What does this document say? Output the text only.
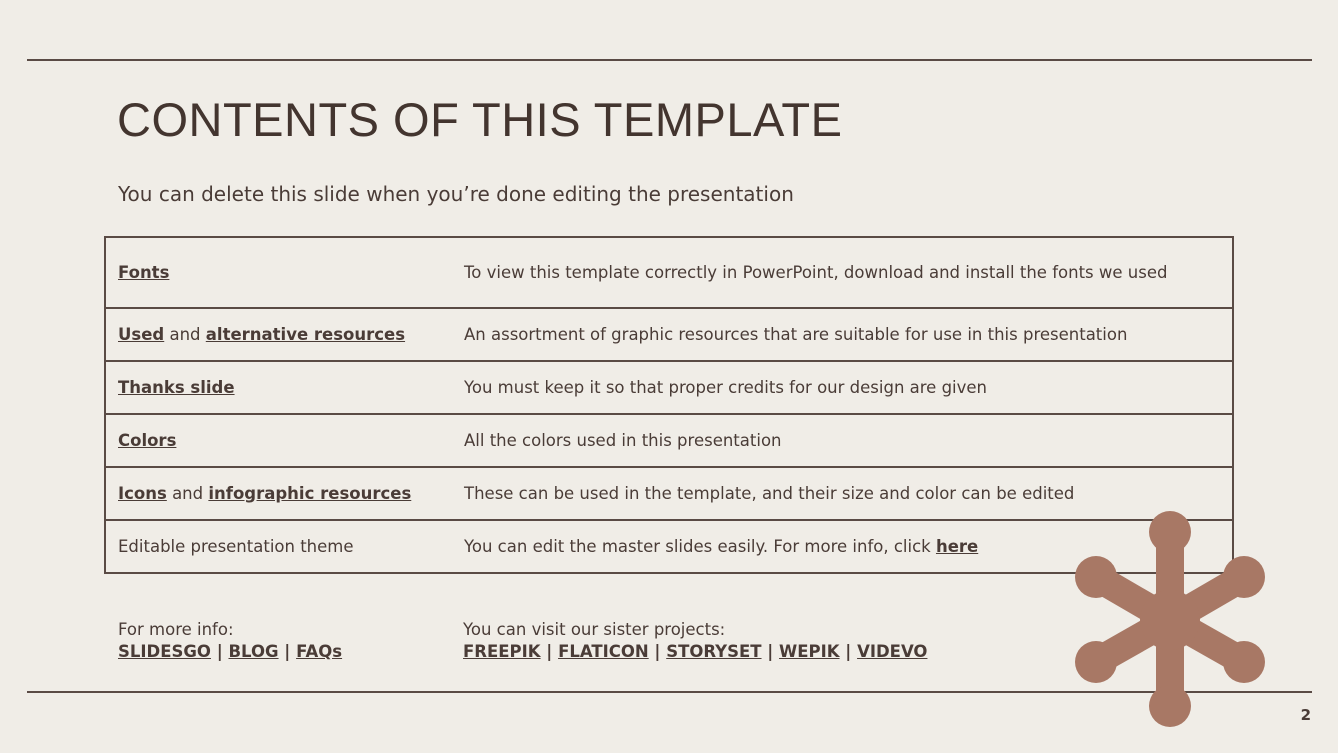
CONTENTS OF THIS TEMPLATE
You can delete this slide when you’re done editing the presentation
Fonts	To view this template correctly in PowerPoint, download and install the fonts we used
Used and alternative resources	An assortment of graphic resources that are suitable for use in this presentation
Thanks slide	You must keep it so that proper credits for our design are given
Colors	All the colors used in this presentation
Icons and infographic resources	These can be used in the template, and their size and color can be edited
Editable presentation theme	You can edit the master slides easily. For more info, click here
For more info:
SLIDESGO | BLOG | FAQs
You can visit our sister projects:
FREEPIK | FLATICON | STORYSET | WEPIK | VIDEVO
2
